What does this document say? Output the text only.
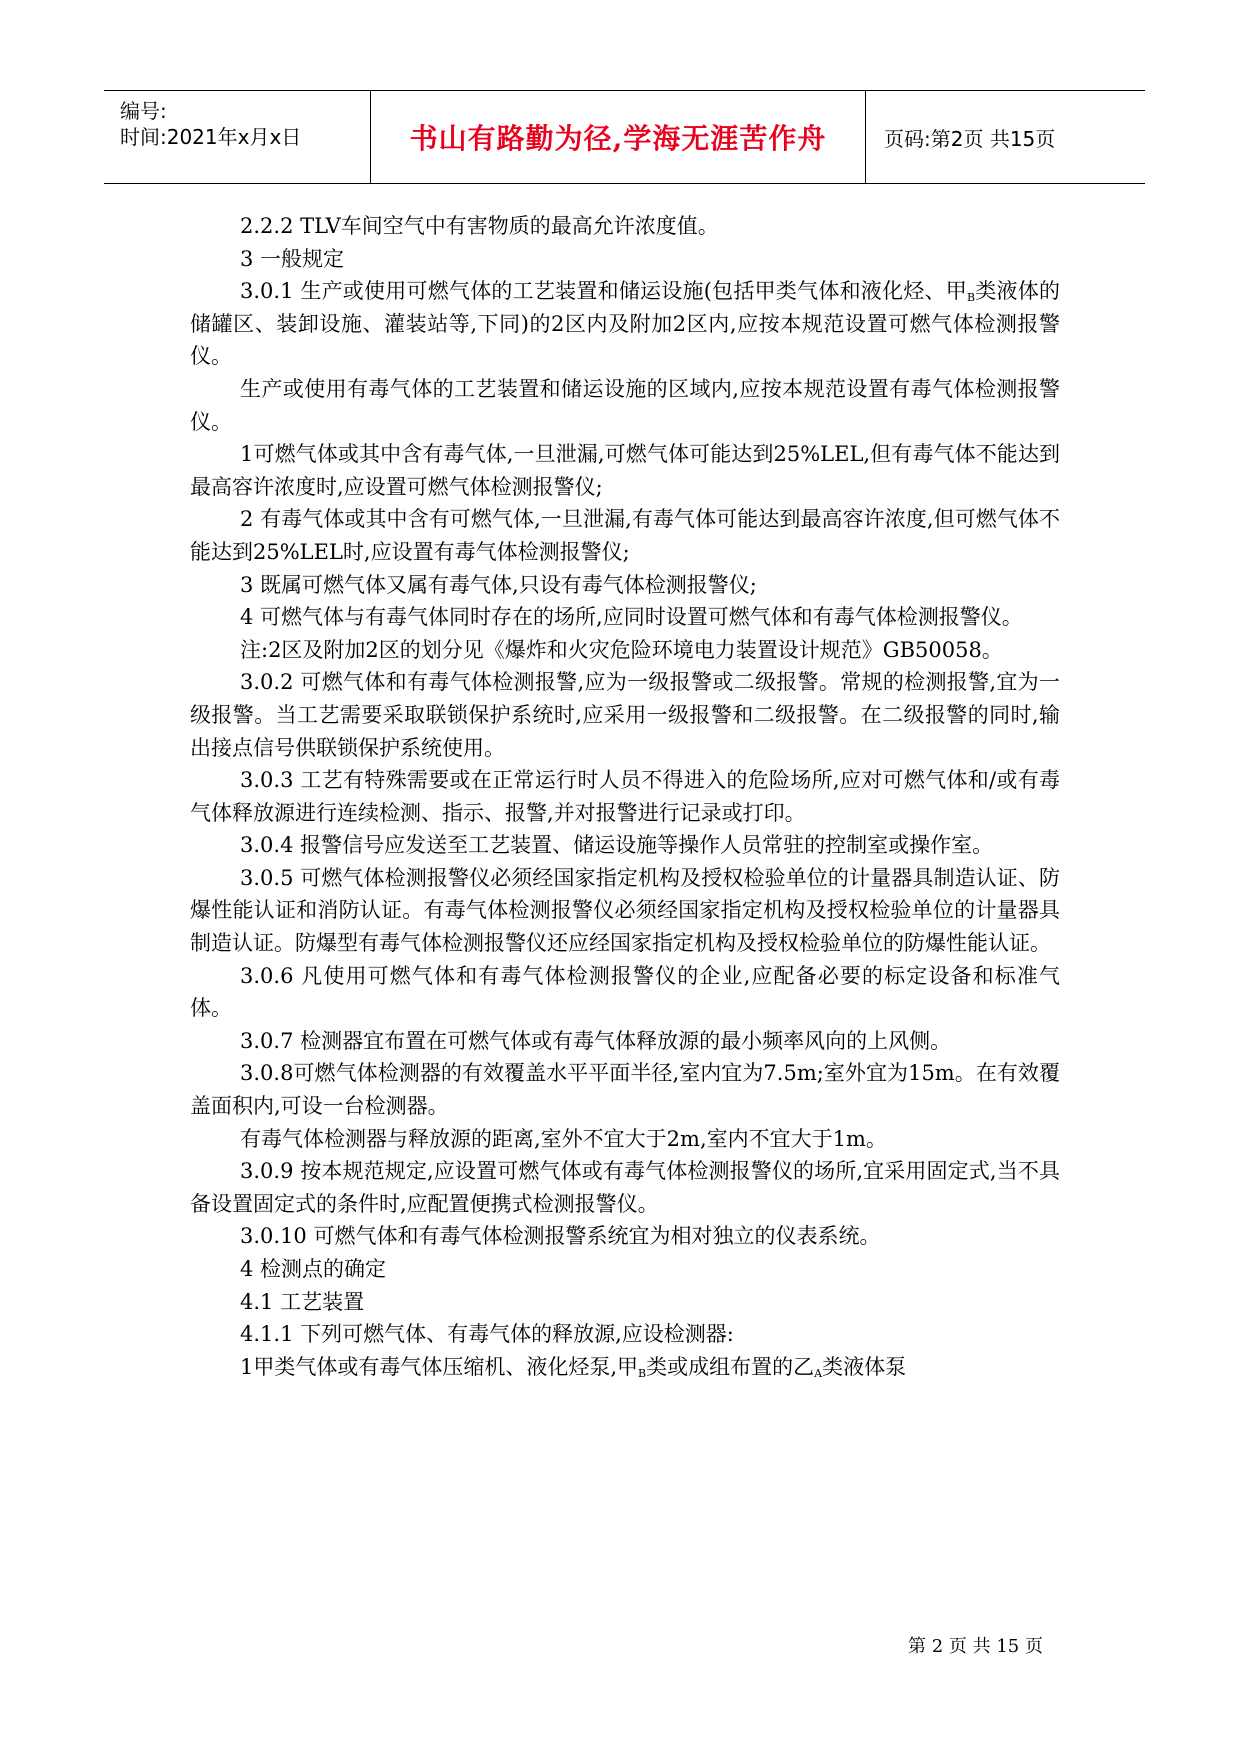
编号:
时间:2021年x月x日	书山有路勤为径,学海无涯苦作舟	页码:第2页 共15页

2.2.2 TLV车间空气中有害物质的最高允许浓度值。

3 一般规定

3.0.1 生产或使用可燃气体的工艺装置和储运设施(包括甲类气体和液化烃、甲$_B$类液体的储罐区、装卸设施、灌装站等,下同)的2区内及附加2区内,应按本规范设置可燃气体检测报警仪。

生产或使用有毒气体的工艺装置和储运设施的区域内,应按本规范设置有毒气体检测报警仪。

1可燃气体或其中含有毒气体,一旦泄漏,可燃气体可能达到25%LEL,但有毒气体不能达到最高容许浓度时,应设置可燃气体检测报警仪;

2 有毒气体或其中含有可燃气体,一旦泄漏,有毒气体可能达到最高容许浓度,但可燃气体不能达到25%LEL时,应设置有毒气体检测报警仪;

3 既属可燃气体又属有毒气体,只设有毒气体检测报警仪;

4 可燃气体与有毒气体同时存在的场所,应同时设置可燃气体和有毒气体检测报警仪。

注:2区及附加2区的划分见《爆炸和火灾危险环境电力装置设计规范》GB50058。

3.0.2 可燃气体和有毒气体检测报警,应为一级报警或二级报警。常规的检测报警,宜为一级报警。当工艺需要采取联锁保护系统时,应采用一级报警和二级报警。在二级报警的同时,输出接点信号供联锁保护系统使用。

3.0.3 工艺有特殊需要或在正常运行时人员不得进入的危险场所,应对可燃气体和/或有毒气体释放源进行连续检测、指示、报警,并对报警进行记录或打印。

3.0.4 报警信号应发送至工艺装置、储运设施等操作人员常驻的控制室或操作室。

3.0.5 可燃气体检测报警仪必须经国家指定机构及授权检验单位的计量器具制造认证、防爆性能认证和消防认证。有毒气体检测报警仪必须经国家指定机构及授权检验单位的计量器具制造认证。防爆型有毒气体检测报警仪还应经国家指定机构及授权检验单位的防爆性能认证。

3.0.6 凡使用可燃气体和有毒气体检测报警仪的企业,应配备必要的标定设备和标准气体。

3.0.7 检测器宜布置在可燃气体或有毒气体释放源的最小频率风向的上风侧。

3.0.8可燃气体检测器的有效覆盖水平平面半径,室内宜为7.5m;室外宜为15m。在有效覆盖面积内,可设一台检测器。

有毒气体检测器与释放源的距离,室外不宜大于2m,室内不宜大于1m。

3.0.9 按本规范规定,应设置可燃气体或有毒气体检测报警仪的场所,宜采用固定式,当不具备设置固定式的条件时,应配置便携式检测报警仪。

3.0.10 可燃气体和有毒气体检测报警系统宜为相对独立的仪表系统。

4 检测点的确定

4.1 工艺装置

4.1.1 下列可燃气体、有毒气体的释放源,应设检测器:

1甲类气体或有毒气体压缩机、液化烃泵,甲$_B$类或成组布置的乙$_A$类液体泵

第 2 页 共 15 页
